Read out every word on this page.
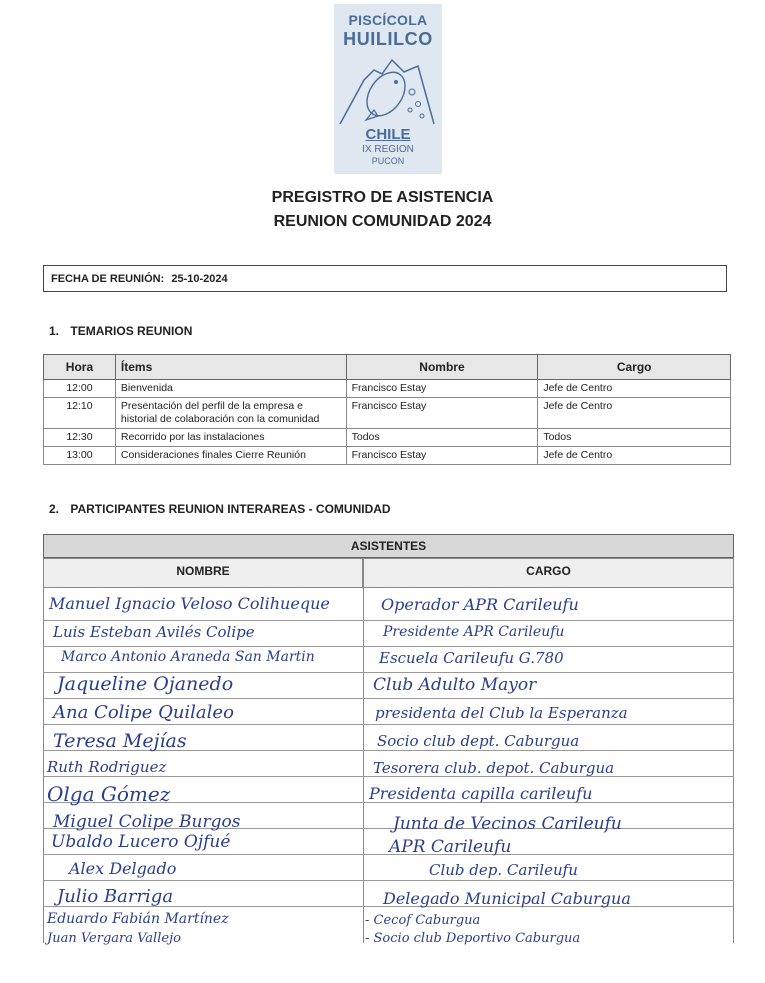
PISCÍCOLA
HUILILCO
CHILE
IX REGION
PUCON
PREGISTRO DE ASISTENCIA
REUNION COMUNIDAD 2024
FECHA DE REUNIÓN: 25-10-2024
1. TEMARIOS REUNION
Hora	Ítems	Nombre	Cargo
12:00	Bienvenida	Francisco Estay	Jefe de Centro
12:10	Presentación del perfil de la empresa e historial de colaboración con la comunidad	Francisco Estay	Jefe de Centro
12:30	Recorrido por las instalaciones	Todos	Todos
13:00	Consideraciones finales Cierre Reunión	Francisco Estay	Jefe de Centro
2. PARTICIPANTES REUNION INTERAREAS - COMUNIDAD
ASISTENTES
NOMBRE	CARGO
Manuel Ignacio Veloso Colihueque	Operador APR Carileufu
Luis Esteban Avilés Colipe	Presidente APR Carileufu
Marco Antonio Araneda San Martin	Escuela Carileufu G.780
Jaqueline Ojanedo	Club Adulto Mayor
Ana Colipe Quilaleo	presidenta del Club la Esperanza
Teresa Mejías	Socio club dept. Caburgua
Ruth Rodriguez	Tesorera club. depot. Caburgua
Olga Gómez	Presidenta capilla carileufu
Miguel Colipe Burgos	Junta de Vecinos Carileufu
Ubaldo Lucero Ojfué	APR Carileufu
Alex Delgado	Club dep. Carileufu
Julio Barriga	Delegado Municipal Caburgua
Eduardo Fabián Martínez	- Cecof Caburgua
Juan Vergara Vallejo	- Socio club Deportivo Caburgua
